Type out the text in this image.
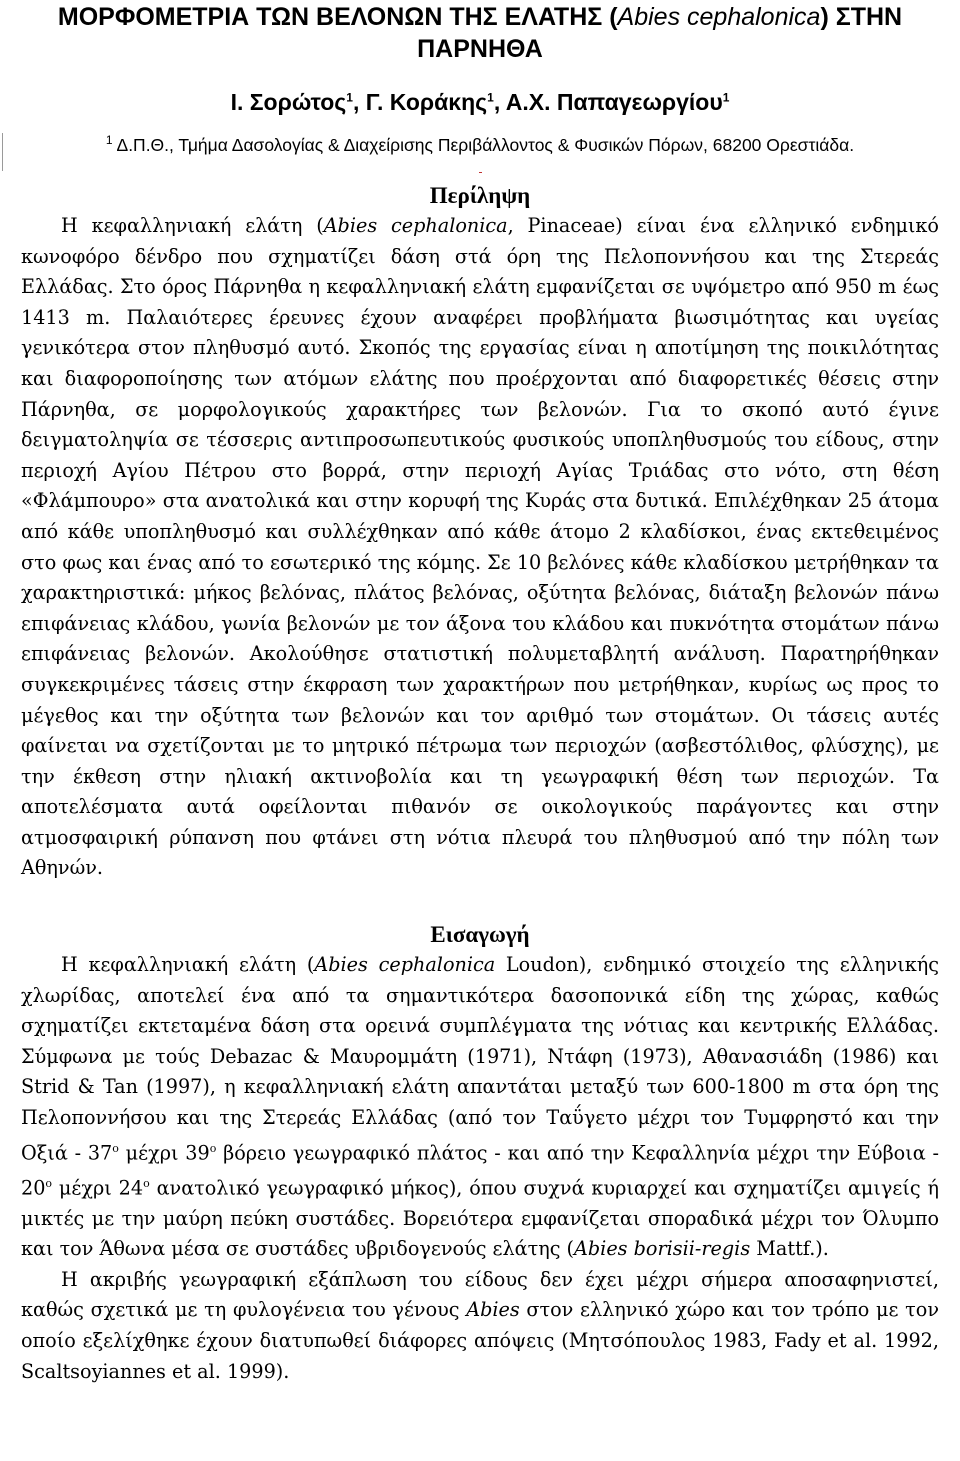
ΜΟΡΦΟΜΕΤΡΙΑ ΤΩΝ ΒΕΛΟΝΩΝ ΤΗΣ ΕΛΑΤΗΣ (Abies cephalonica) ΣΤΗΝ ΠΑΡΝΗΘΑ
Ι. Σορώτος$^1$, Γ. Κοράκης$^1$, Α.Χ. Παπαγεωργίου$^1$
$^1$ Δ.Π.Θ., Τμήμα Δασολογίας & Διαχείρισης Περιβάλλοντος & Φυσικών Πόρων, 68200 Ορεστιάδα.
Περίληψη

Η κεφαλληνιακή ελάτη (Abies cephalonica, Pinaceae) είναι ένα ελληνικό ενδημικό κωνοφόρο δένδρο που σχηματίζει δάση στά όρη της Πελοποννήσου και της Στερεάς Ελλάδας. Στο όρος Πάρνηθα η κεφαλληνιακή ελάτη εμφανίζεται σε υψόμετρο από 950 m έως 1413 m. Παλαιότερες έρευνες έχουν αναφέρει προβλήματα βιωσιμότητας και υγείας γενικότερα στον πληθυσμό αυτό. Σκοπός της εργασίας είναι η αποτίμηση της ποικιλότητας και διαφοροποίησης των ατόμων ελάτης που προέρχονται από διαφορετικές θέσεις στην Πάρνηθα, σε μορφολογικούς χαρακτήρες των βελονών. Για το σκοπό αυτό έγινε δειγματοληψία σε τέσσερις αντιπροσωπευτικούς φυσικούς υποπληθυσμούς του είδους, στην περιοχή Αγίου Πέτρου στο βορρά, στην περιοχή Αγίας Τριάδας στο νότο, στη θέση «Φλάμπουρο» στα ανατολικά και στην κορυφή της Κυράς στα δυτικά. Επιλέχθηκαν 25 άτομα από κάθε υποπληθυσμό και συλλέχθηκαν από κάθε άτομο 2 κλαδίσκοι, ένας εκτεθειμένος στο φως και ένας από το εσωτερικό της κόμης. Σε 10 βελόνες κάθε κλαδίσκου μετρήθηκαν τα χαρακτηριστικά: μήκος βελόνας, πλάτος βελόνας, οξύτητα βελόνας, διάταξη βελονών πάνω επιφάνειας κλάδου, γωνία βελονών με τον άξονα του κλάδου και πυκνότητα στομάτων πάνω επιφάνειας βελονών. Ακολούθησε στατιστική πολυμεταβλητή ανάλυση. Παρατηρήθηκαν συγκεκριμένες τάσεις στην έκφραση των χαρακτήρων που μετρήθηκαν, κυρίως ως προς το μέγεθος και την οξύτητα των βελονών και τον αριθμό των στομάτων. Οι τάσεις αυτές φαίνεται να σχετίζονται με το μητρικό πέτρωμα των περιοχών (ασβεστόλιθος, φλύσχης), με την έκθεση στην ηλιακή ακτινοβολία και τη γεωγραφική θέση των περιοχών. Τα αποτελέσματα αυτά οφείλονται πιθανόν σε οικολογικούς παράγοντες και στην ατμοσφαιρική ρύπανση που φτάνει στη νότια πλευρά του πληθυσμού από την πόλη των Αθηνών.

Εισαγωγή

Η κεφαλληνιακή ελάτη (Abies cephalonica Loudon), ενδημικό στοιχείο της ελληνικής χλωρίδας, αποτελεί ένα από τα σημαντικότερα δασοπονικά είδη της χώρας, καθώς σχηματίζει εκτεταμένα δάση στα ορεινά συμπλέγματα της νότιας και κεντρικής Ελλάδας. Σύμφωνα με τούς Debazac & Μαυρομμάτη (1971), Ντάφη (1973), Αθανασιάδη (1986) και Strid & Tan (1997), η κεφαλληνιακή ελάτη απαντάται μεταξύ των 600-1800 m στα όρη της Πελοποννήσου και της Στερεάς Ελλάδας (από τον Ταΰγετο μέχρι τον Τυμφρηστό και την Οξιά - $37^o$ μέχρι $39^o$ βόρειο γεωγραφικό πλάτος - και από την Κεφαλληνία μέχρι την Εύβοια - $20^o$ μέχρι $24^o$ ανατολικό γεωγραφικό μήκος), όπου συχνά κυριαρχεί και σχηματίζει αμιγείς ή μικτές με την μαύρη πεύκη συστάδες. Βορειότερα εμφανίζεται σποραδικά μέχρι τον Όλυμπο και τον Άθωνα μέσα σε συστάδες υβριδογενούς ελάτης (Abies borisii-regis Mattf.).

Η ακριβής γεωγραφική εξάπλωση του είδους δεν έχει μέχρι σήμερα αποσαφηνιστεί, καθώς σχετικά με τη φυλογένεια του γένους Abies στον ελληνικό χώρο και τον τρόπο με τον οποίο εξελίχθηκε έχουν διατυπωθεί διάφορες απόψεις (Μητσόπουλος 1983, Fady et al. 1992, Scaltsoyiannes et al. 1999).
